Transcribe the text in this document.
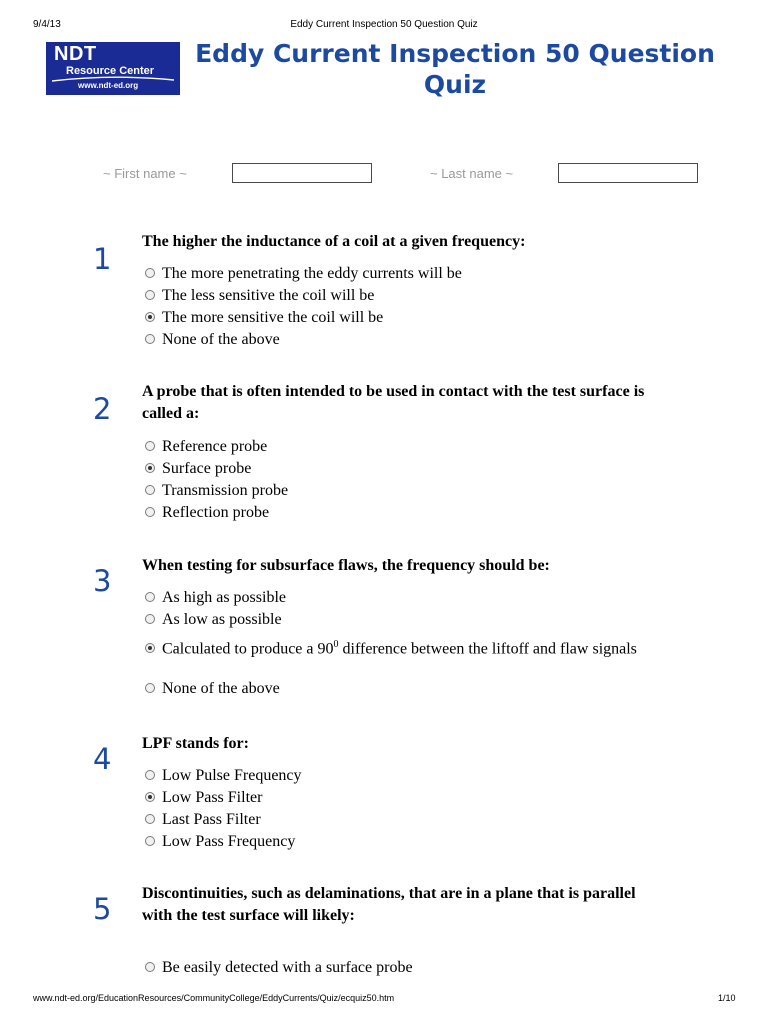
9/4/13	Eddy Current Inspection 50 Question Quiz
NDT
Resource Center
www.ndt-ed.org
Eddy Current Inspection 50 Question Quiz
~ First name ~	~ Last name ~
1
The higher the inductance of a coil at a given frequency:
The more penetrating the eddy currents will be
The less sensitive the coil will be
The more sensitive the coil will be
None of the above
2
A probe that is often intended to be used in contact with the test surface is called a:
Reference probe
Surface probe
Transmission probe
Reflection probe
3 When testing for subsurface flaws, the frequency should be:
As high as possible
As low as possible
Calculated to produce a $90^0$ difference between the liftoff and flaw signals
None of the above
4 LPF stands for:
Low Pulse Frequency
Low Pass Filter
Last Pass Filter
Low Pass Frequency
5 Discontinuities, such as delaminations, that are in a plane that is parallel with the test surface will likely:
Be easily detected with a surface probe
www.ndt-ed.org/EducationResources/CommunityCollege/EddyCurrents/Quiz/ecquiz50.htm	1/10
